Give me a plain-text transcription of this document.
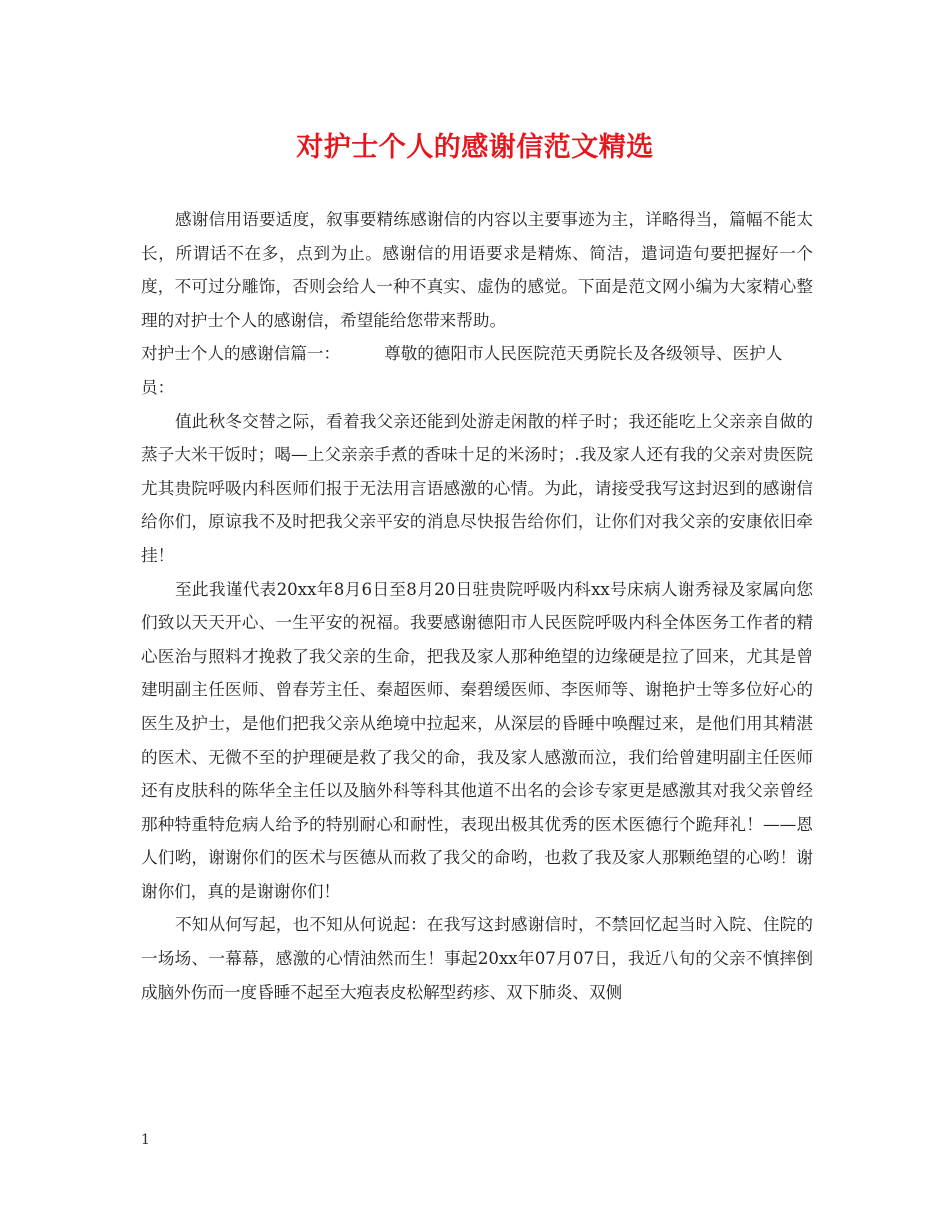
对护士个人的感谢信范文精选

感谢信用语要适度，叙事要精练感谢信的内容以主要事迹为主，详略得当，篇幅不能太长，所谓话不在多，点到为止。感谢信的用语要求是精炼、简洁，遣词造句要把握好一个度，不可过分雕饰，否则会给人一种不真实、虚伪的感觉。下面是范文网小编为大家精心整理的对护士个人的感谢信，希望能给您带来帮助。

对护士个人的感谢信篇一：	尊敬的德阳市人民医院范天勇院长及各级领导、医护人员：

值此秋冬交替之际，看着我父亲还能到处游走闲散的样子时；我还能吃上父亲亲自做的蒸子大米干饭时；喝—上父亲亲手煮的香味十足的米汤时；.我及家人还有我的父亲对贵医院尤其贵院呼吸内科医师们报于无法用言语感激的心情。为此，请接受我写这封迟到的感谢信给你们，原谅我不及时把我父亲平安的消息尽快报告给你们，让你们对我父亲的安康依旧牵挂！

至此我谨代表20xx年8月6日至8月20日驻贵院呼吸内科xx号床病人谢秀禄及家属向您们致以天天开心、一生平安的祝福。我要感谢德阳市人民医院呼吸内科全体医务工作者的精心医治与照料才挽救了我父亲的生命，把我及家人那种绝望的边缘硬是拉了回来，尤其是曾建明副主任医师、曾春芳主任、秦超医师、秦碧缓医师、李医师等、谢艳护士等多位好心的医生及护士，是他们把我父亲从绝境中拉起来，从深层的昏睡中唤醒过来，是他们用其精湛的医术、无微不至的护理硬是救了我父的命，我及家人感激而泣，我们给曾建明副主任医师还有皮肤科的陈华全主任以及脑外科等科其他道不出名的会诊专家更是感激其对我父亲曾经那种特重特危病人给予的特别耐心和耐性，表现出极其优秀的医术医德行个跪拜礼！——恩人们哟，谢谢你们的医术与医德从而救了我父的命哟，也救了我及家人那颗绝望的心哟！谢谢你们，真的是谢谢你们！

不知从何写起，也不知从何说起：在我写这封感谢信时，不禁回忆起当时入院、住院的一场场、一幕幕，感激的心情油然而生！事起20xx年07月07日，我近八旬的父亲不慎摔倒成脑外伤而一度昏睡不起至大疱表皮松解型药疹、双下肺炎、双侧

1
